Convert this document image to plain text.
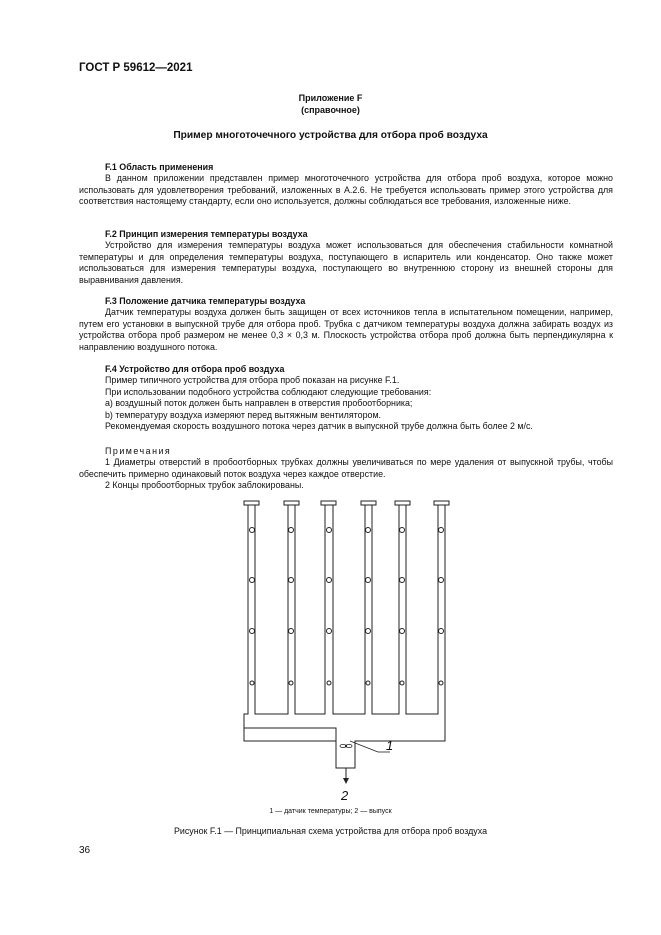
ГОСТ Р 59612—2021
Приложение F
(справочное)
Пример многоточечного устройства для отбора проб воздуха
F.1 Область применения

В данном приложении представлен пример многоточечного устройства для отбора проб воздуха, которое можно использовать для удовлетворения требований, изложенных в А.2.6. Не требуется использовать пример этого устройства для соответствия настоящему стандарту, если оно используется, должны соблюдаться все требования, изложенные ниже.

F.2 Принцип измерения температуры воздуха

Устройство для измерения температуры воздуха может использоваться для обеспечения стабильности комнатной температуры и для определения температуры воздуха, поступающего в испаритель или конденсатор. Оно также может использоваться для измерения температуры воздуха, поступающего во внутреннюю сторону из внешней стороны для выравнивания давления.

F.3 Положение датчика температуры воздуха

Датчик температуры воздуха должен быть защищен от всех источников тепла в испытательном помещении, например, путем его установки в выпускной трубе для отбора проб. Трубка с датчиком температуры воздуха должна забирать воздух из устройства отбора проб размером не менее 0,3 × 0,3 м. Плоскость устройства отбора проб должна быть перпендикулярна к направлению воздушного потока.

F.4 Устройство для отбора проб воздуха
Пример типичного устройства для отбора проб показан на рисунке F.1.
При использовании подобного устройства соблюдают следующие требования:
a) воздушный поток должен быть направлен в отверстия пробоотборника;
b) температуру воздуха измеряют перед вытяжным вентилятором.
Рекомендуемая скорость воздушного потока через датчик в выпускной трубе должна быть более 2 м/с.
Примечания

1 Диаметры отверстий в пробоотборных трубках должны увеличиваться по мере удаления от выпускной трубы, чтобы обеспечить примерно одинаковый поток воздуха через каждое отверстие.

2 Концы пробоотборных трубок заблокированы.

1
2
1 — датчик температуры; 2 — выпуск
Рисунок F.1 — Принципиальная схема устройства для отбора проб воздуха
36
